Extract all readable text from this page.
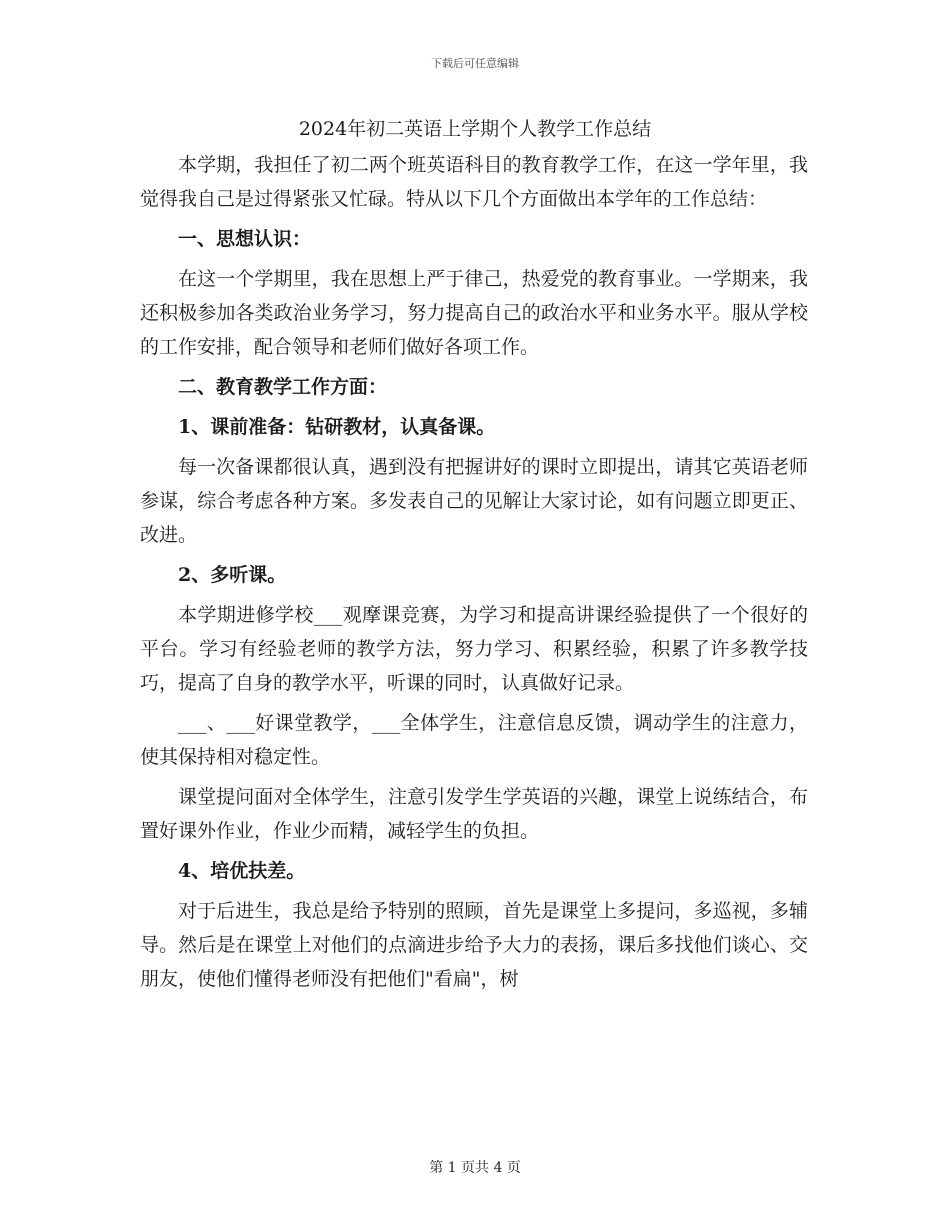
下载后可任意编辑
2024年初二英语上学期个人教学工作总结

本学期，我担任了初二两个班英语科目的教育教学工作，在这一学年里，我觉得我自己是过得紧张又忙碌。特从以下几个方面做出本学年的工作总结：

一、思想认识：

在这一个学期里，我在思想上严于律己，热爱党的教育事业。一学期来，我还积极参加各类政治业务学习，努力提高自己的政治水平和业务水平。服从学校的工作安排，配合领导和老师们做好各项工作。

二、教育教学工作方面：

1、课前准备：钻研教材，认真备课。

每一次备课都很认真，遇到没有把握讲好的课时立即提出，请其它英语老师参谋，综合考虑各种方案。多发表自己的见解让大家讨论，如有问题立即更正、改进。

2、多听课。

本学期进修学校___观摩课竞赛，为学习和提高讲课经验提供了一个很好的平台。学习有经验老师的教学方法，努力学习、积累经验，积累了许多教学技巧，提高了自身的教学水平，听课的同时，认真做好记录。

___、___好课堂教学，___全体学生，注意信息反馈，调动学生的注意力，使其保持相对稳定性。

课堂提问面对全体学生，注意引发学生学英语的兴趣，课堂上说练结合，布置好课外作业，作业少而精，减轻学生的负担。

4、培优扶差。

对于后进生，我总是给予特别的照顾，首先是课堂上多提问，多巡视，多辅导。然后是在课堂上对他们的点滴进步给予大力的表扬，课后多找他们谈心、交朋友，使他们懂得老师没有把他们"看扁"，树

第 1 页共 4 页
